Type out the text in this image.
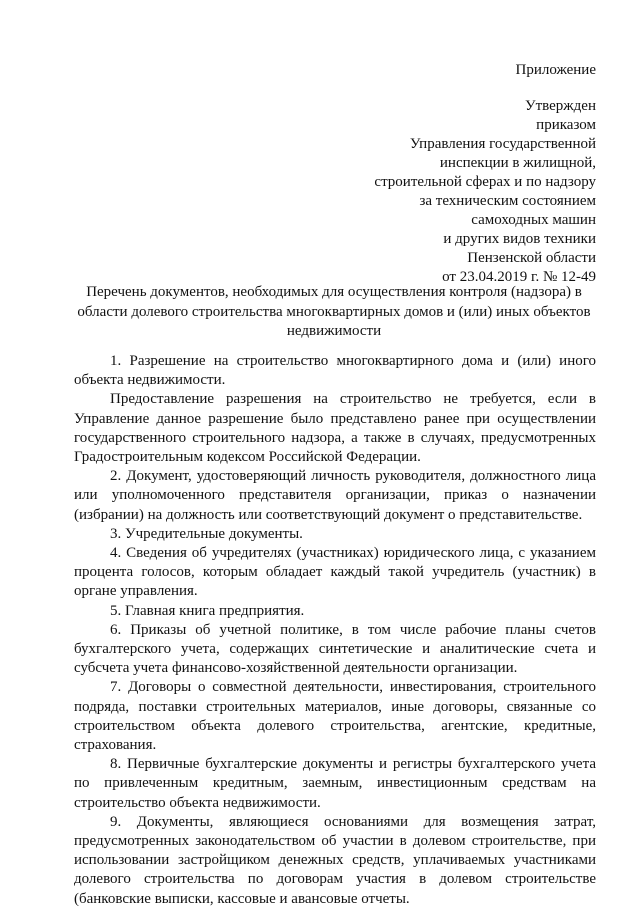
Приложение
Утвержден
приказом
Управления государственной
инспекции в жилищной,
строительной сферах и по надзору
за техническим состоянием
самоходных машин
и других видов техники
Пензенской области
от 23.04.2019 г. № 12-49
Перечень документов, необходимых для осуществления контроля (надзора) в
области долевого строительства многоквартирных домов и (или) иных объектов
недвижимости

1. Разрешение на строительство многоквартирного дома и (или) иного
объекта недвижимости.

Предоставление разрешения на строительство не требуется, если в
Управление данное разрешение было представлено ранее при осуществлении
государственного строительного надзора, а также в случаях, предусмотренных
Градостроительным кодексом Российской Федерации.

2. Документ, удостоверяющий личность руководителя, должностного лица
или уполномоченного представителя организации, приказ о назначении
(избрании) на должность или соответствующий документ о представительстве.

3. Учредительные документы.

4. Сведения об учредителях (участниках) юридического лица, с указанием
процента голосов, которым обладает каждый такой учредитель (участник) в
органе управления.

5. Главная книга предприятия.

6. Приказы об учетной политике, в том числе рабочие планы счетов
бухгалтерского учета, содержащих синтетические и аналитические счета и
субсчета учета финансово-хозяйственной деятельности организации.

7. Договоры о совместной деятельности, инвестирования, строительного
подряда, поставки строительных материалов, иные договоры, связанные со
строительством объекта долевого строительства, агентские, кредитные,
страхования.

8. Первичные бухгалтерские документы и регистры бухгалтерского учета
по привлеченным кредитным, заемным, инвестиционным средствам на
строительство объекта недвижимости.

9. Документы, являющиеся основаниями для возмещения затрат,
предусмотренных законодательством об участии в долевом строительстве, при
использовании застройщиком денежных средств, уплачиваемых участниками
долевого строительства по договорам участия в долевом строительстве
(банковские выписки, кассовые и авансовые отчеты.
